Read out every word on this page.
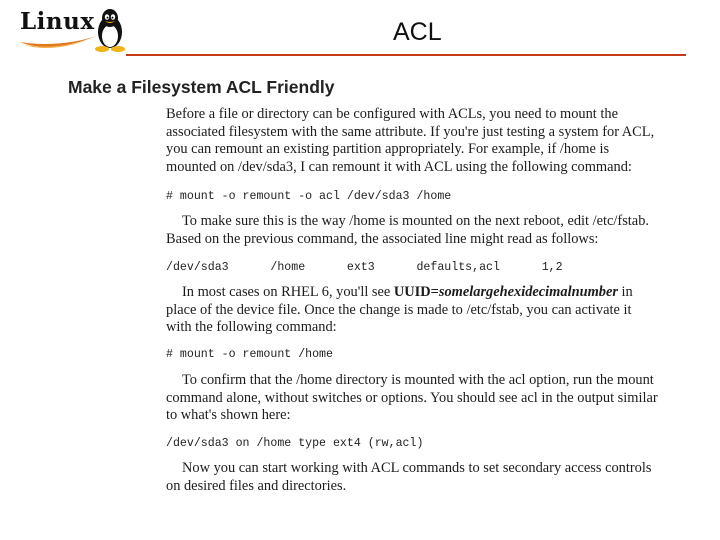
Linux	ACL
Make a Filesystem ACL Friendly

Before a file or directory can be configured with ACLs, you need to mount the associated filesystem with the same attribute. If you're just testing a system for ACL, you can remount an existing partition appropriately. For example, if /home is mounted on /dev/sda3, I can remount it with ACL using the following command:

# mount -o remount -o acl /dev/sda3 /home

To make sure this is the way /home is mounted on the next reboot, edit /etc/fstab. Based on the previous command, the associated line might read as follows:

/dev/sda3      /home      ext3      defaults,acl      1,2

In most cases on RHEL 6, you'll see UUID=somelargehexidecimalnumber in place of the device file. Once the change is made to /etc/fstab, you can activate it with the following command:

# mount -o remount /home

To confirm that the /home directory is mounted with the acl option, run the mount command alone, without switches or options. You should see acl in the output similar to what's shown here:

/dev/sda3 on /home type ext4 (rw,acl)

Now you can start working with ACL commands to set secondary access controls on desired files and directories.
